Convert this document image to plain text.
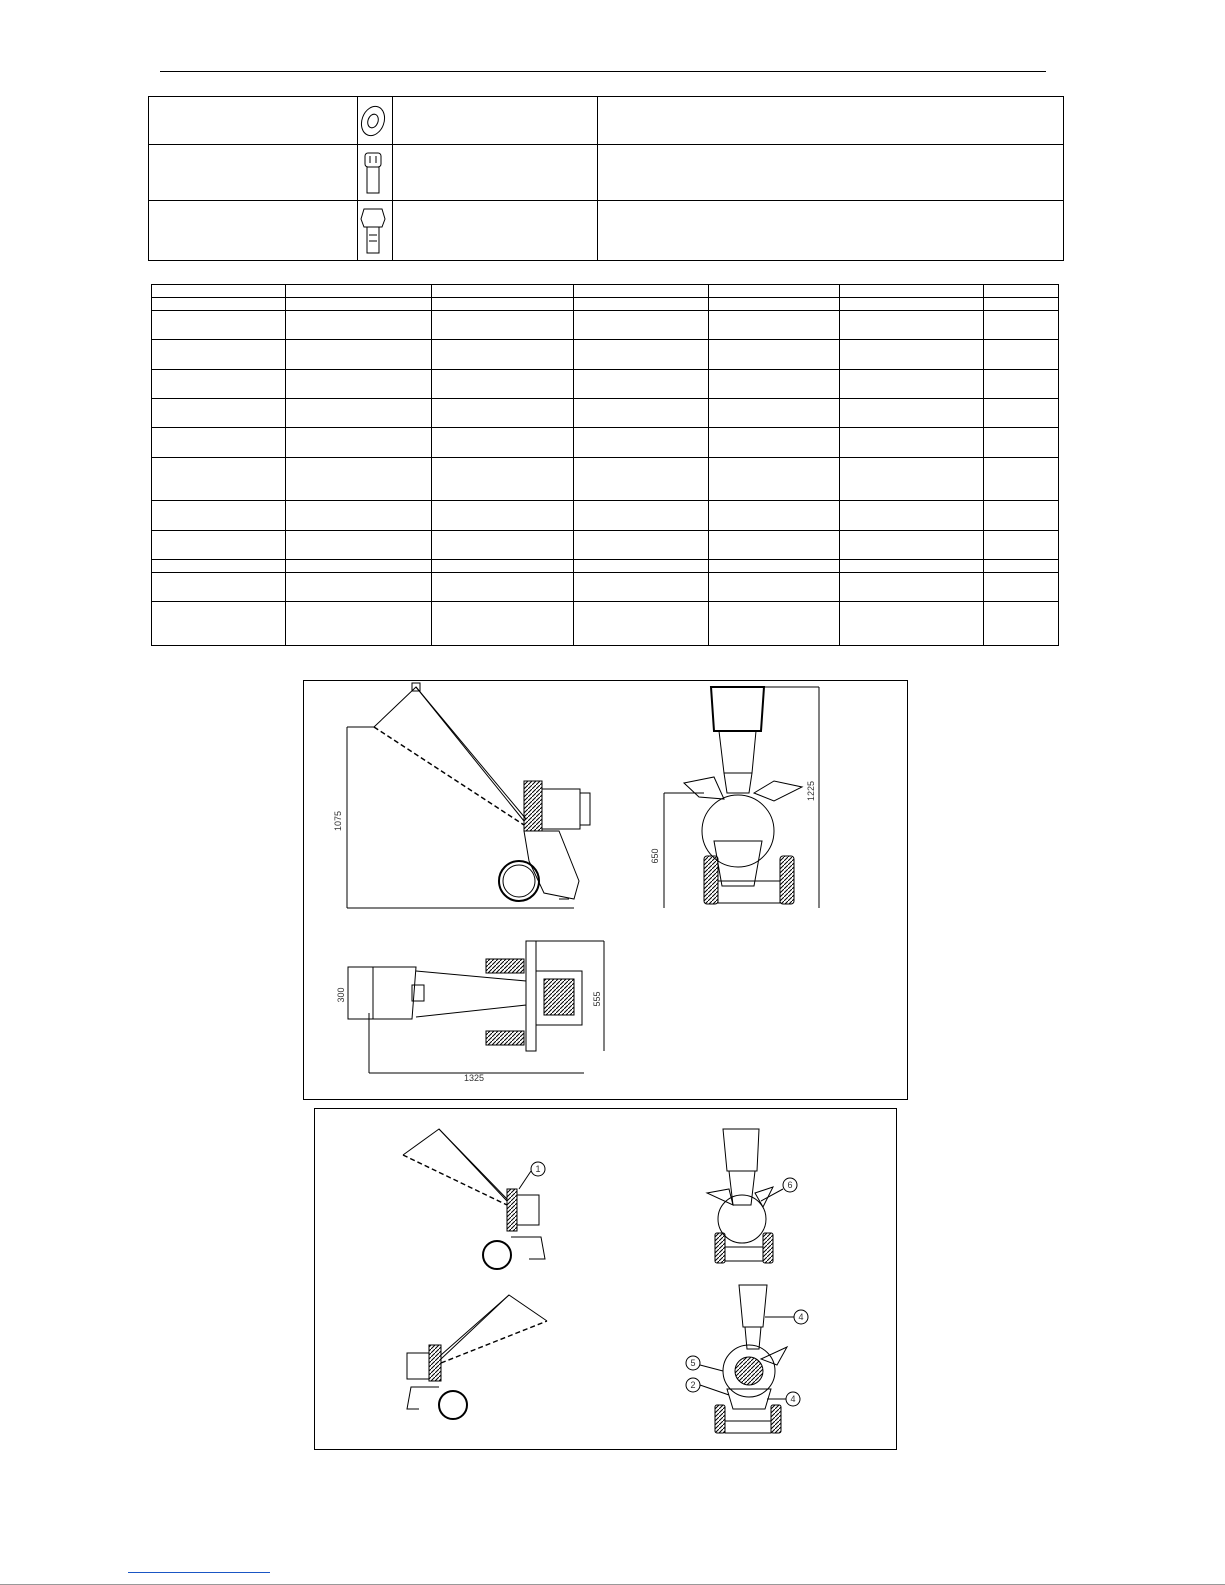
1075
650
1225
300	555
1325
1
6
4
5
2
4
